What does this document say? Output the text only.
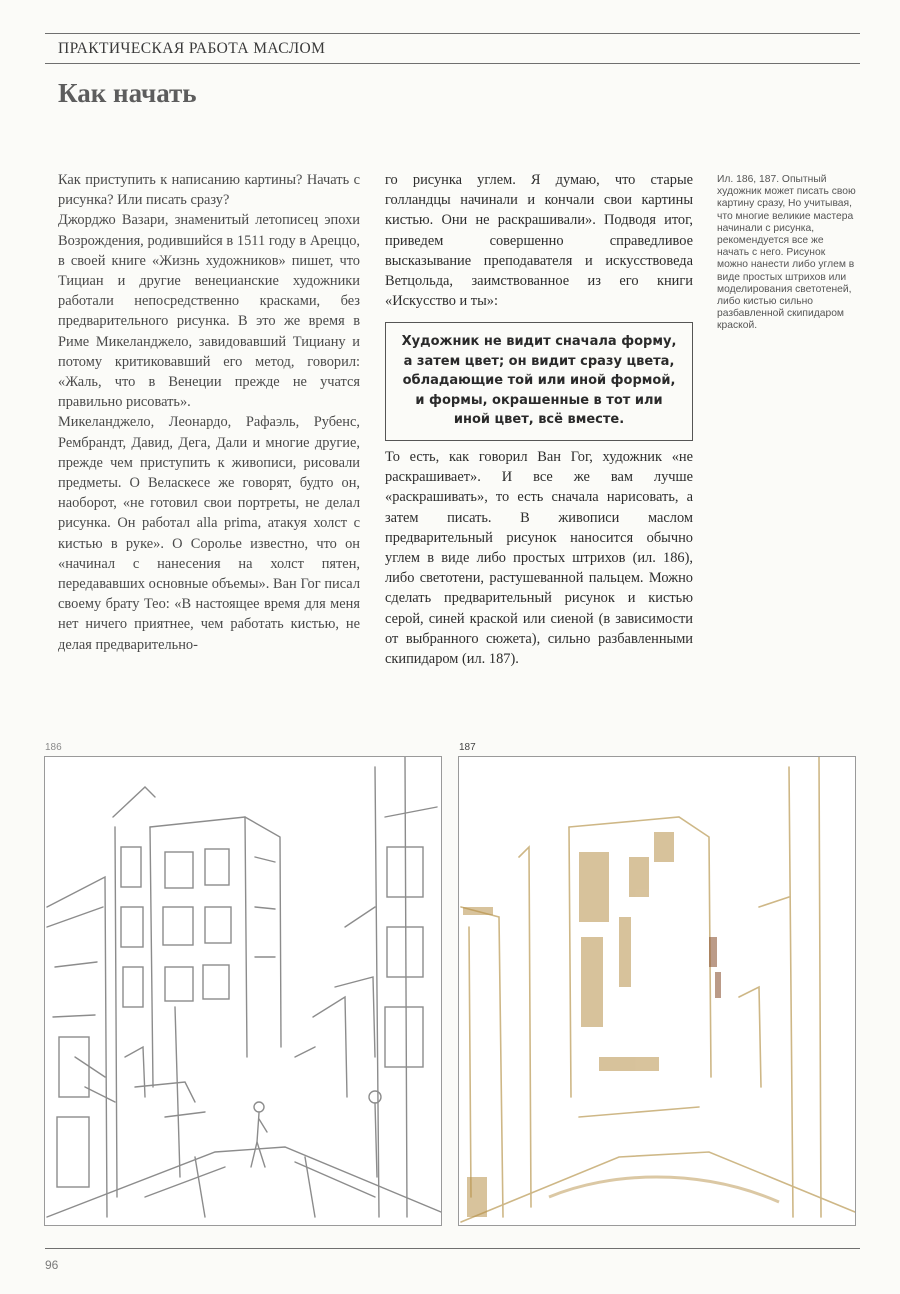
ПРАКТИЧЕСКАЯ РАБОТА МАСЛОМ
Как начать

Как приступить к написанию картины? Начать с рисунка? Или писать сразу?

Джорджо Вазари, знаменитый летописец эпохи Возрождения, родившийся в 1511 году в Ареццо, в своей книге «Жизнь художников» пишет, что Тициан и другие венецианские художники работали непосредственно красками, без предварительного рисунка. В это же время в Риме Микеланджело, завидовавший Тициану и потому критиковавший его метод, говорил: «Жаль, что в Венеции прежде не учатся правильно рисовать».

Микеланджело, Леонардо, Рафаэль, Рубенс, Рембрандт, Давид, Дега, Дали и многие другие, прежде чем приступить к живописи, рисовали предметы. О Веласкесе же говорят, будто он, наоборот, «не готовил свои портреты, не делал рисунка. Он работал alla prima, атакуя холст с кистью в руке». О Соролье известно, что он «начинал с нанесения на холст пятен, передававших основные объемы». Ван Гог писал своему брату Тео: «В настоящее время для меня нет ничего приятнее, чем работать кистью, не делая предварительно-

го рисунка углем. Я думаю, что старые голландцы начинали и кончали свои картины кистью. Они не раскрашивали». Подводя итог, приведем совершенно справедливое высказывание преподавателя и искусствоведа Ветцольда, заимствованное из его книги «Искусство и ты»:

Художник не видит сначала форму, а затем цвет; он видит сразу цвета, обладающие той или иной формой, и формы, окрашенные в тот или иной цвет, всё вместе.

То есть, как говорил Ван Гог, художник «не раскрашивает». И все же вам лучше «раскрашивать», то есть сначала нарисовать, а затем писать. В живописи маслом предварительный рисунок наносится обычно углем в виде либо простых штрихов (ил. 186), либо светотени, растушеванной пальцем. Можно сделать предварительный рисунок и кистью серой, синей краской или сиеной (в зависимости от выбранного сюжета), сильно разбавленными скипидаром (ил. 187).

Ил. 186, 187. Опытный художник может писать свою картину сразу, Но учитывая, что многие великие мастера начинали с рисунка, рекомендуется все же начать с него. Рисунок можно нанести либо углем в виде простых штрихов или моделирования светотеней, либо кистью сильно разбавленной скипидаром краской.
186	187
96
